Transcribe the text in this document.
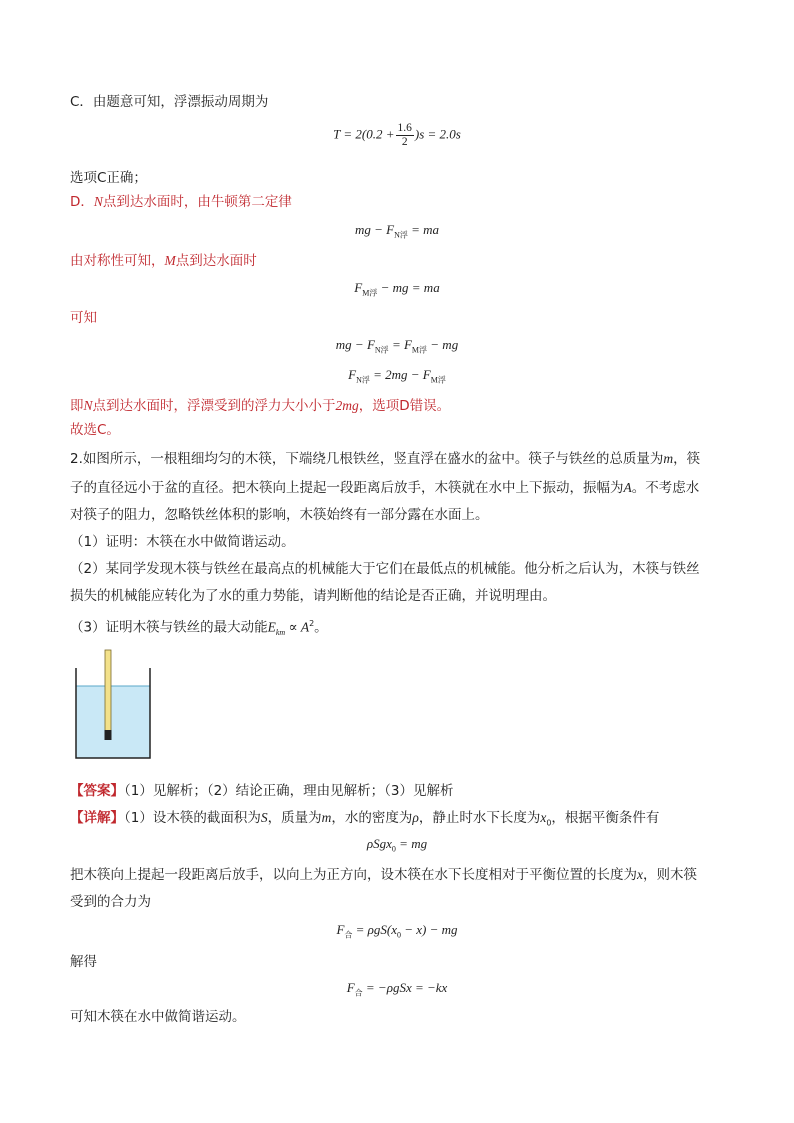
C．由题意可知，浮漂振动周期为
$T = 2(0.2 + \frac{1.6}{2} )s = 2.0s$
选项C正确；
D．N点到达水面时，由牛顿第二定律
mg − $F_{N浮}$ = ma
由对称性可知，M点到达水面时
$F_{M浮}$ − mg = ma
可知
mg − $F_{N浮} = F_{M浮}$ − mg
$F_{N浮} = 2mg - F_{M浮}$
即N点到达水面时，浮漂受到的浮力大小小于2mg，选项D错误。
故选C。
2.如图所示，一根粗细均匀的木筷，下端绕几根铁丝，竖直浮在盛水的盆中。筷子与铁丝的总质量为m，筷
子的直径远小于盆的直径。把木筷向上提起一段距离后放手，木筷就在水中上下振动，振幅为A。不考虑水
对筷子的阻力，忽略铁丝体积的影响，木筷始终有一部分露在水面上。
（1）证明：木筷在水中做简谐运动。
（2）某同学发现木筷与铁丝在最高点的机械能大于它们在最低点的机械能。他分析之后认为，木筷与铁丝
损失的机械能应转化为了水的重力势能，请判断他的结论是否正确，并说明理由。
（3）证明木筷与铁丝的最大动能$E_{km} \propto A^2$。
【答案】（1）见解析；（2）结论正确，理由见解析；（3）见解析
【详解】（1）设木筷的截面积为S，质量为m，水的密度为ρ，静止时水下长度为$x_0$，根据平衡条件有
ρSgx$_0$ = mg
把木筷向上提起一段距离后放手，以向上为正方向，设木筷在水下长度相对于平衡位置的长度为x，则木筷
受到的合力为
$F_合 = \rho gS(x_0 - x)$ − mg
解得
$F_合 = -\rho gSx = -kx$
可知木筷在水中做简谐运动。
